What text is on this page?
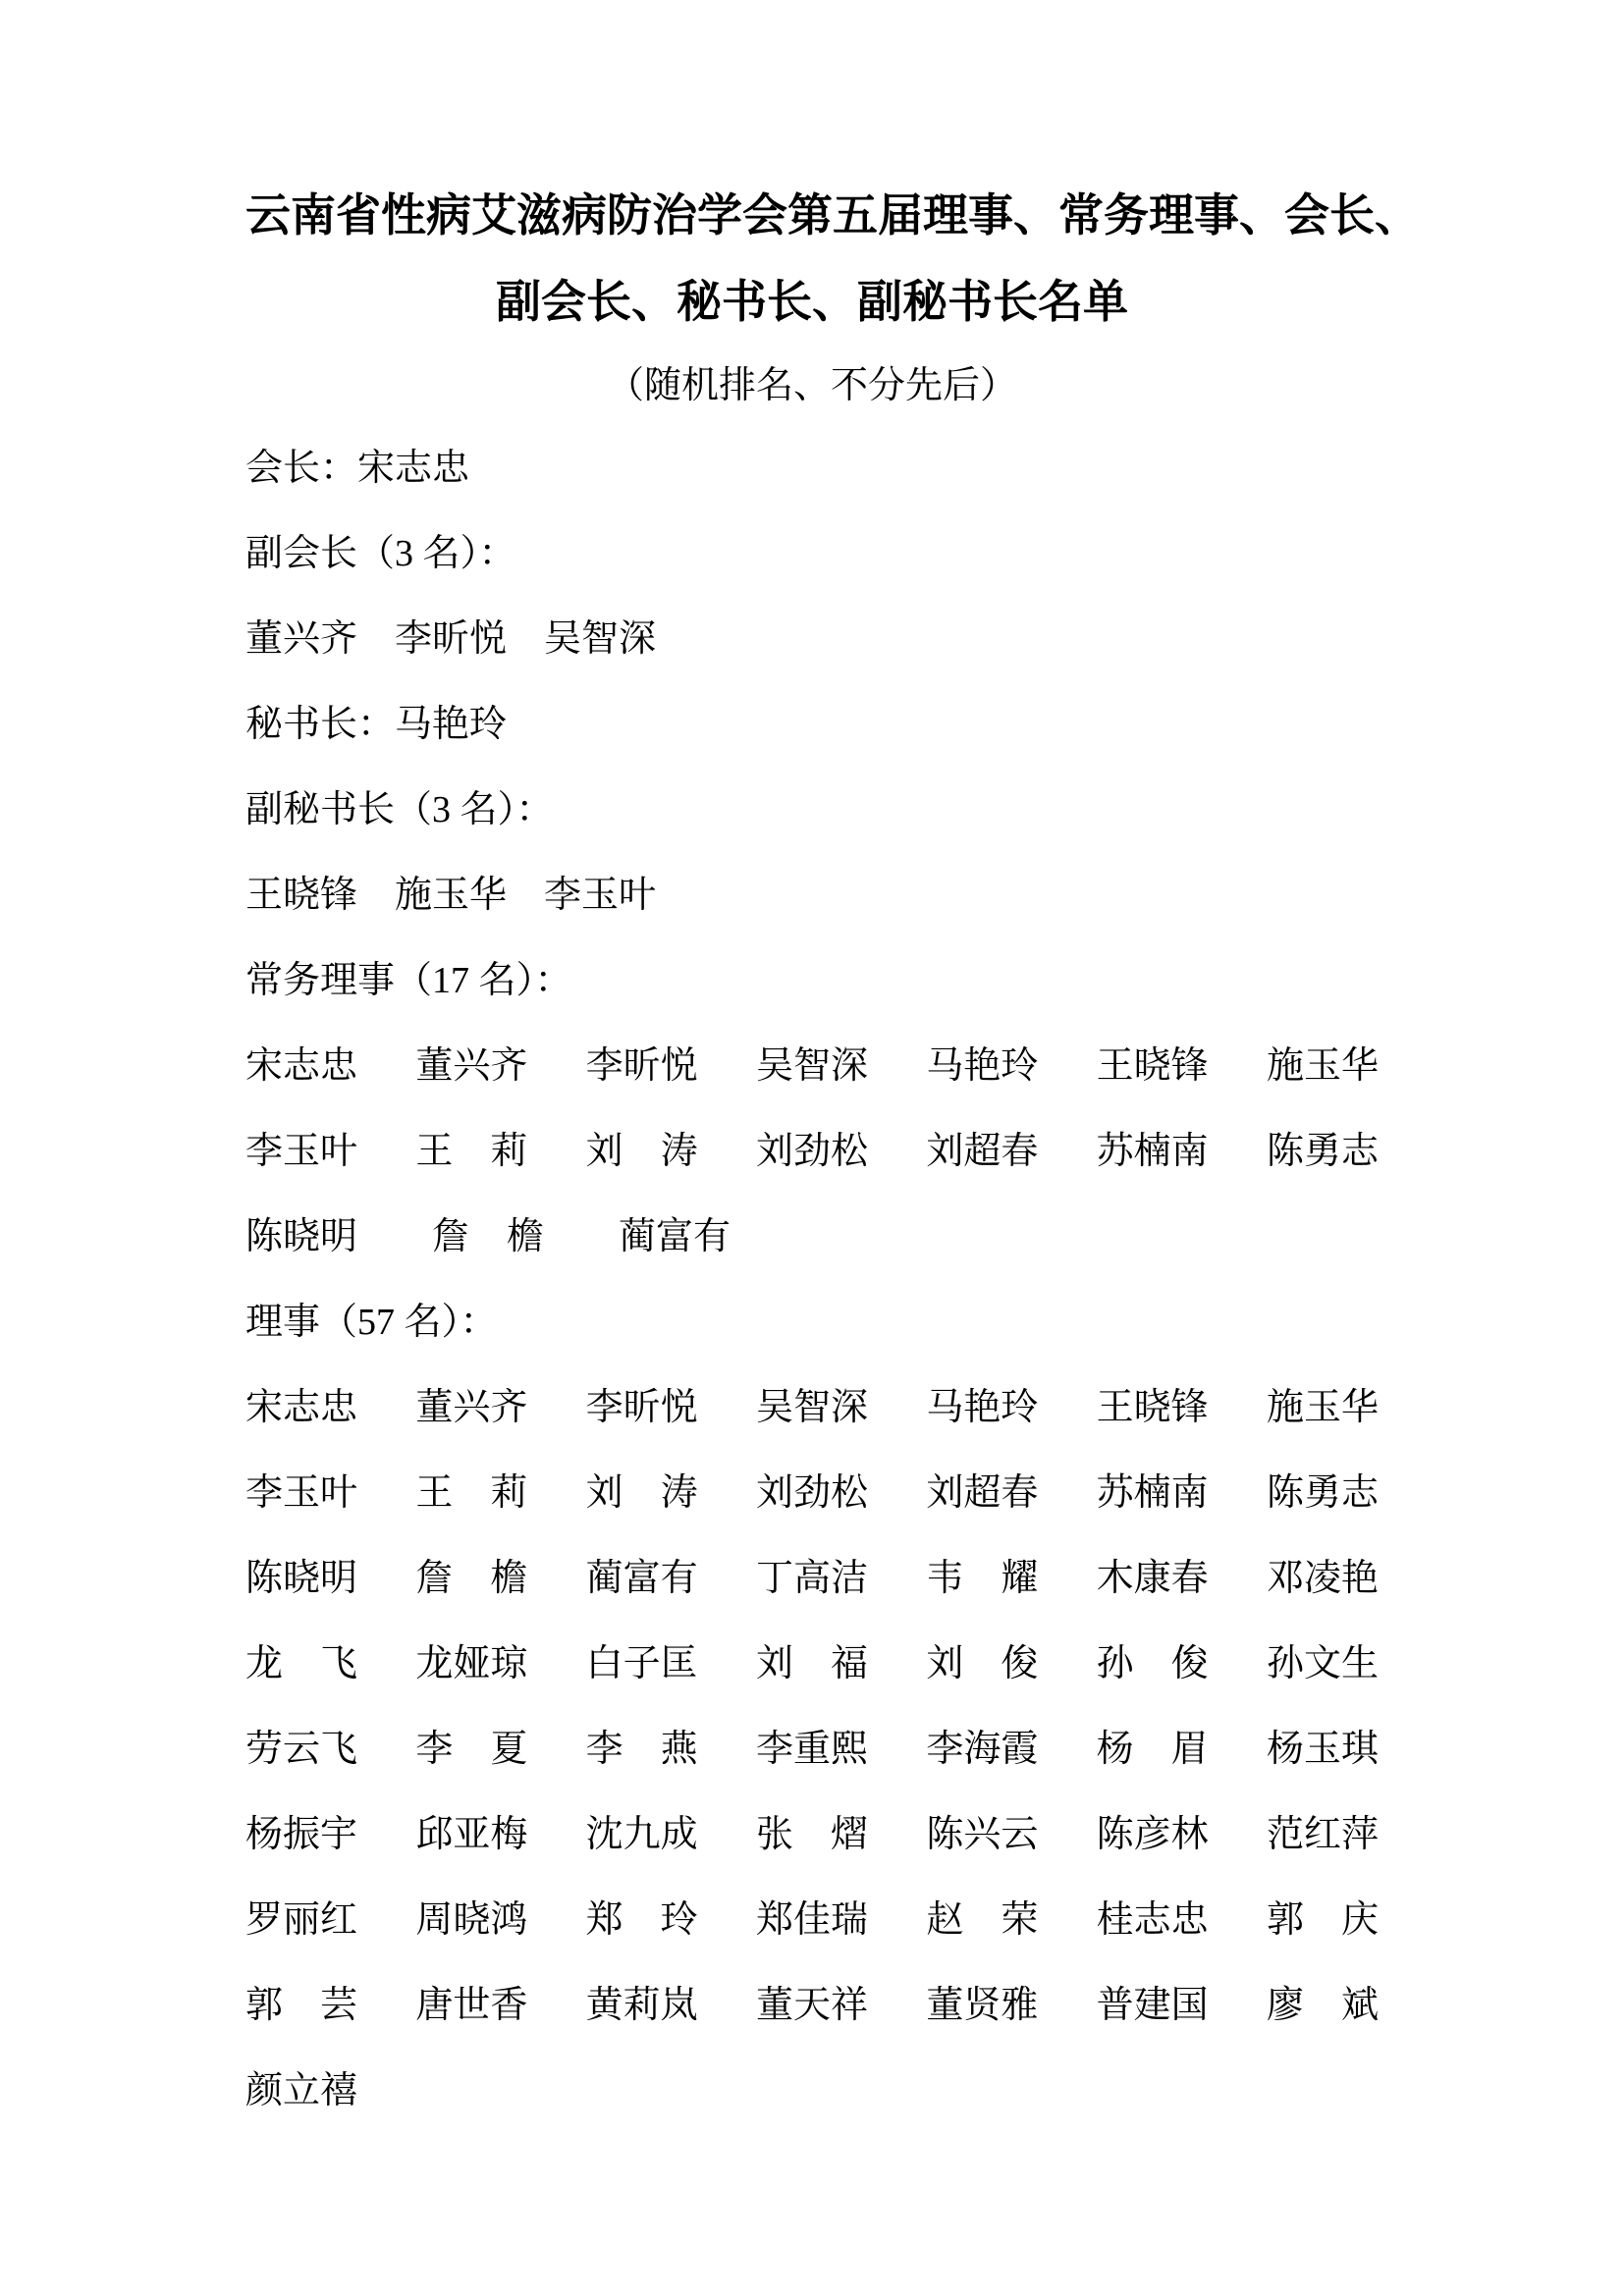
云南省性病艾滋病防治学会第五届理事、常务理事、会长、
副会长、秘书长、副秘书长名单
（随机排名、不分先后）
会长：宋志忠
副会长（3 名）：
董兴齐 李昕悦 吴智深
秘书长：马艳玲
副秘书长（3 名）：
王晓锋 施玉华 李玉叶
常务理事（17 名）：
宋志忠 董兴齐 李昕悦 吴智深 马艳玲 王晓锋 施玉华
李玉叶 王　莉 刘　涛 刘劲松 刘超春 苏楠南 陈勇志
陈晓明 詹　檐 蔺富有
理事（57 名）：
宋志忠 董兴齐 李昕悦 吴智深 马艳玲 王晓锋 施玉华
李玉叶 王　莉 刘　涛 刘劲松 刘超春 苏楠南 陈勇志
陈晓明 詹　檐 蔺富有 丁高洁 韦　耀 木康春 邓凌艳
龙　飞 龙娅琼 白子匡 刘　福 刘　俊 孙　俊 孙文生
劳云飞 李　夏 李　燕 李重熙 李海霞 杨　眉 杨玉琪
杨振宇 邱亚梅 沈九成 张　熠 陈兴云 陈彦林 范红萍
罗丽红 周晓鸿 郑　玲 郑佳瑞 赵　荣 桂志忠 郭　庆
郭　芸 唐世香 黄莉岚 董天祥 董贤雅 普建国 廖　斌
颜立禧
